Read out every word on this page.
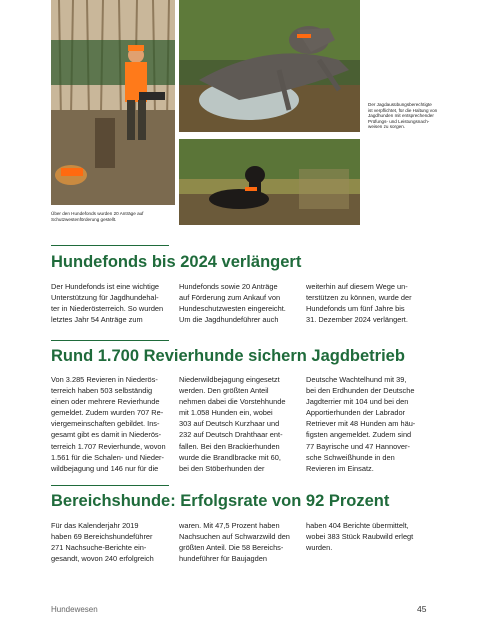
Über den Hundefonds wurden 20 Anträge auf
Schutzwestenförderung gestellt.
Der Jagdausübungsberechtigte
ist verpflichtet, für die Haltung von
Jagdhunden mit entsprechender
Prüfungs- und Leistungsnach-
weisen zu sorgen.
Hundefonds bis 2024 verlängert
Der Hundefonds ist eine wichtige
Unterstützung für Jagdhundehal-
ter in Niederösterreich. So wurden
letztes Jahr 54 Anträge zum
Hundefonds sowie 20 Anträge
auf Förderung zum Ankauf von
Hundeschutzwesten eingereicht.
Um die Jagdhundeführer auch
weiterhin auf diesem Wege un-
terstützen zu können, wurde der
Hundefonds um fünf Jahre bis
31. Dezember 2024 verlängert.
Rund 1.700 Revierhunde sichern Jagdbetrieb
Von 3.285 Revieren in Niederös-
terreich haben 503 selbständig
einen oder mehrere Revierhunde
gemeldet. Zudem wurden 707 Re-
viergemeinschaften gebildet. Ins-
gesamt gibt es damit in Niederös-
terreich 1.707 Revierhunde, wovon
1.561 für die Schalen- und Nieder-
wildbejagung und 146 nur für die
Niederwildbejagung eingesetzt
werden. Den größten Anteil
nehmen dabei die Vorstehhunde
mit 1.058 Hunden ein, wobei
303 auf Deutsch Kurzhaar und
232 auf Deutsch Drahthaar ent-
fallen. Bei den Brackierhunden
wurde die Brandlbracke mit 60,
bei den Stöberhunden der
Deutsche Wachtelhund mit 39,
bei den Erdhunden der Deutsche
Jagdterrier mit 104 und bei den
Apportierhunden der Labrador
Retriever mit 48 Hunden am häu-
figsten angemeldet. Zudem sind
77 Bayrische und 47 Hannover-
sche Schweißhunde in den
Revieren im Einsatz.
Bereichshunde: Erfolgsrate von 92 Prozent
Für das Kalenderjahr 2019
haben 69 Bereichshundeführer
271 Nachsuche-Berichte ein-
gesandt, wovon 240 erfolgreich
waren. Mit 47,5 Prozent haben
Nachsuchen auf Schwarzwild den
größten Anteil. Die 58 Bereichs-
hundeführer für Baujagden
haben 404 Berichte übermittelt,
wobei 383 Stück Raubwild erlegt
wurden.
Hundewesen	45
